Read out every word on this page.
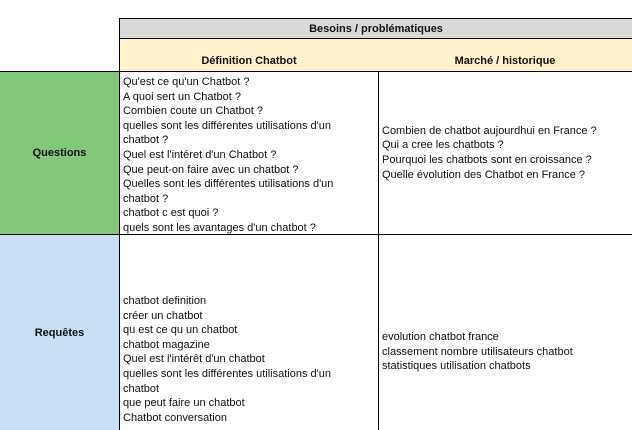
Besoins / problématiques
Définition Chatbot	Marché / historique
Questions
Qu'est ce qu'un Chatbot ?
A quoi sert un Chatbot ?
Combien coute un Chatbot ?
quelles sont les différentes utilisations d'un
chatbot ?
Quel est l'intéret d'un Chatbot ?
Que peut-on faire avec un chatbot ?
Quelles sont les différentes utilisations d'un
chatbot ?
chatbot c est quoi ?
quels sont les avantages d'un chatbot ?
Combien de chatbot aujourdhui en France ?
Qui a cree les chatbots ?
Pourquoi les chatbots sont en croissance ?
Quelle évolution des Chatbot en France ?
Requêtes
chatbot definition
créer un chatbot
qu est ce qu un chatbot
chatbot magazine
Quel est l'intérêt d'un chatbot
quelles sont les différentes utilisations d'un
chatbot
que peut faire un chatbot
Chatbot conversation
evolution chatbot france
classement nombre utilisateurs chatbot
statistiques utilisation chatbots
